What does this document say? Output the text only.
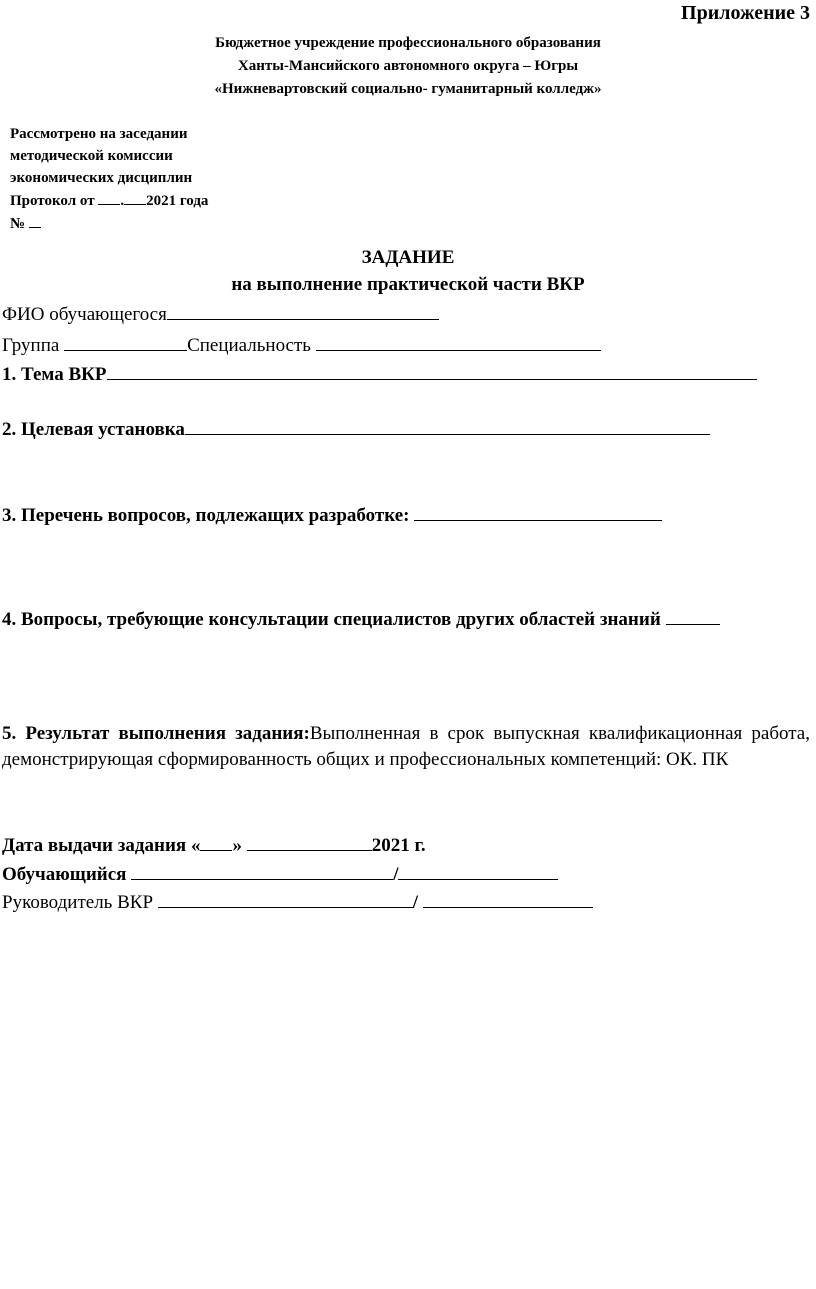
Приложение 3
Бюджетное учреждение профессионального образования
Ханты-Мансийского автономного округа – Югры
«Нижневартовский социально- гуманитарный колледж»
Рассмотрено на заседании
методической комиссии
экономических дисциплин
Протокол от . 2021 года
№
ЗАДАНИЕ
на выполнение практической части ВКР
ФИО обучающегося
Группа	Специальность
1. Тема ВКР
2. Целевая установка
3. Перечень вопросов, подлежащих разработке:
4. Вопросы, требующие консультации специалистов других областей знаний
5. Результат выполнения задания:Выполненная в срок выпускная квалификационная работа, демонстрирующая сформированность общих и профессиональных компетенций: ОК. ПК
Дата выдачи задания « »	2021 г.
Обучающийся	/
Руководитель ВКР	/
